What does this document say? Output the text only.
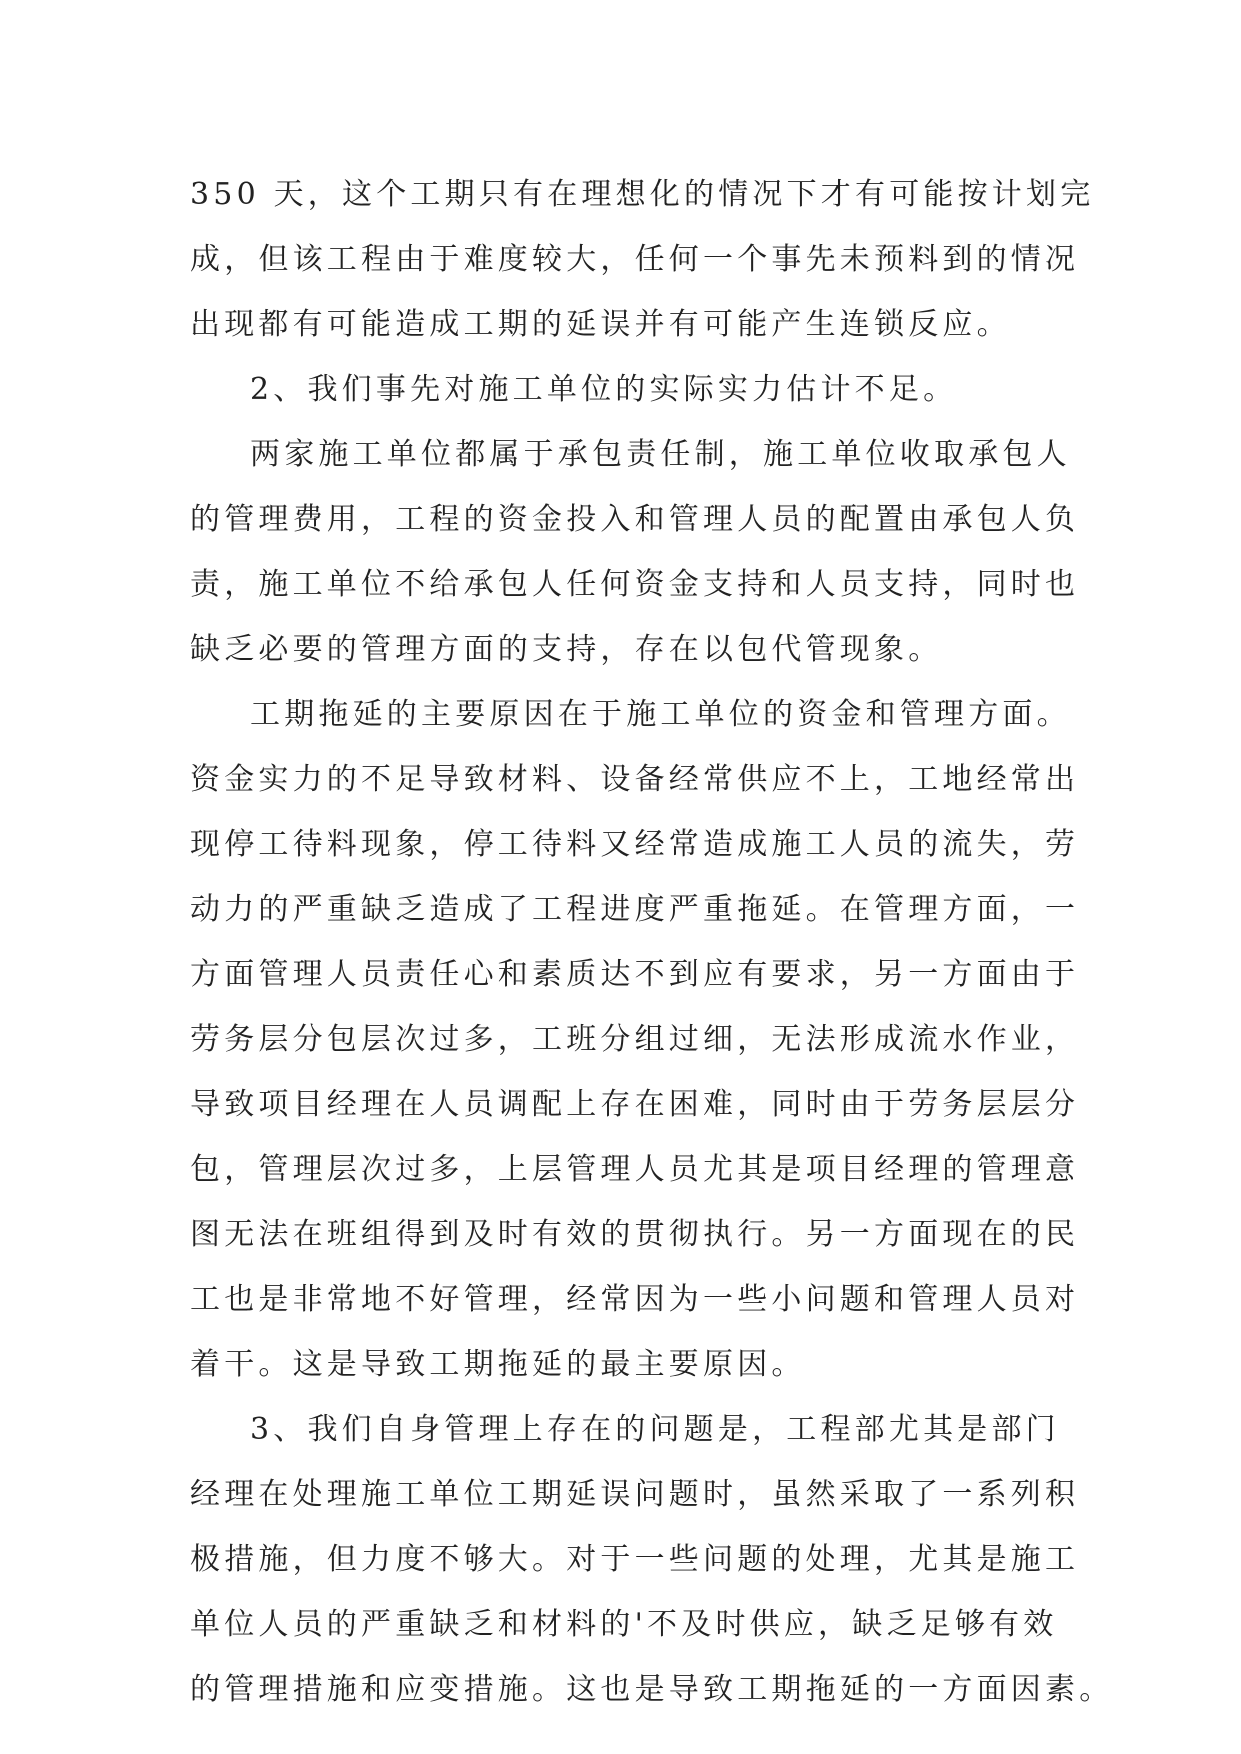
350 天，这个工期只有在理想化的情况下才有可能按计划完
成，但该工程由于难度较大，任何一个事先未预料到的情况
出现都有可能造成工期的延误并有可能产生连锁反应。
2、我们事先对施工单位的实际实力估计不足。
两家施工单位都属于承包责任制，施工单位收取承包人
的管理费用，工程的资金投入和管理人员的配置由承包人负
责，施工单位不给承包人任何资金支持和人员支持，同时也
缺乏必要的管理方面的支持，存在以包代管现象。
工期拖延的主要原因在于施工单位的资金和管理方面。
资金实力的不足导致材料、设备经常供应不上，工地经常出
现停工待料现象，停工待料又经常造成施工人员的流失，劳
动力的严重缺乏造成了工程进度严重拖延。在管理方面，一
方面管理人员责任心和素质达不到应有要求，另一方面由于
劳务层分包层次过多，工班分组过细，无法形成流水作业，
导致项目经理在人员调配上存在困难，同时由于劳务层层分
包，管理层次过多，上层管理人员尤其是项目经理的管理意
图无法在班组得到及时有效的贯彻执行。另一方面现在的民
工也是非常地不好管理，经常因为一些小问题和管理人员对
着干。这是导致工期拖延的最主要原因。
3、我们自身管理上存在的问题是，工程部尤其是部门
经理在处理施工单位工期延误问题时，虽然采取了一系列积
极措施，但力度不够大。对于一些问题的处理，尤其是施工
单位人员的严重缺乏和材料的'不及时供应，缺乏足够有效
的管理措施和应变措施。这也是导致工期拖延的一方面因素。
